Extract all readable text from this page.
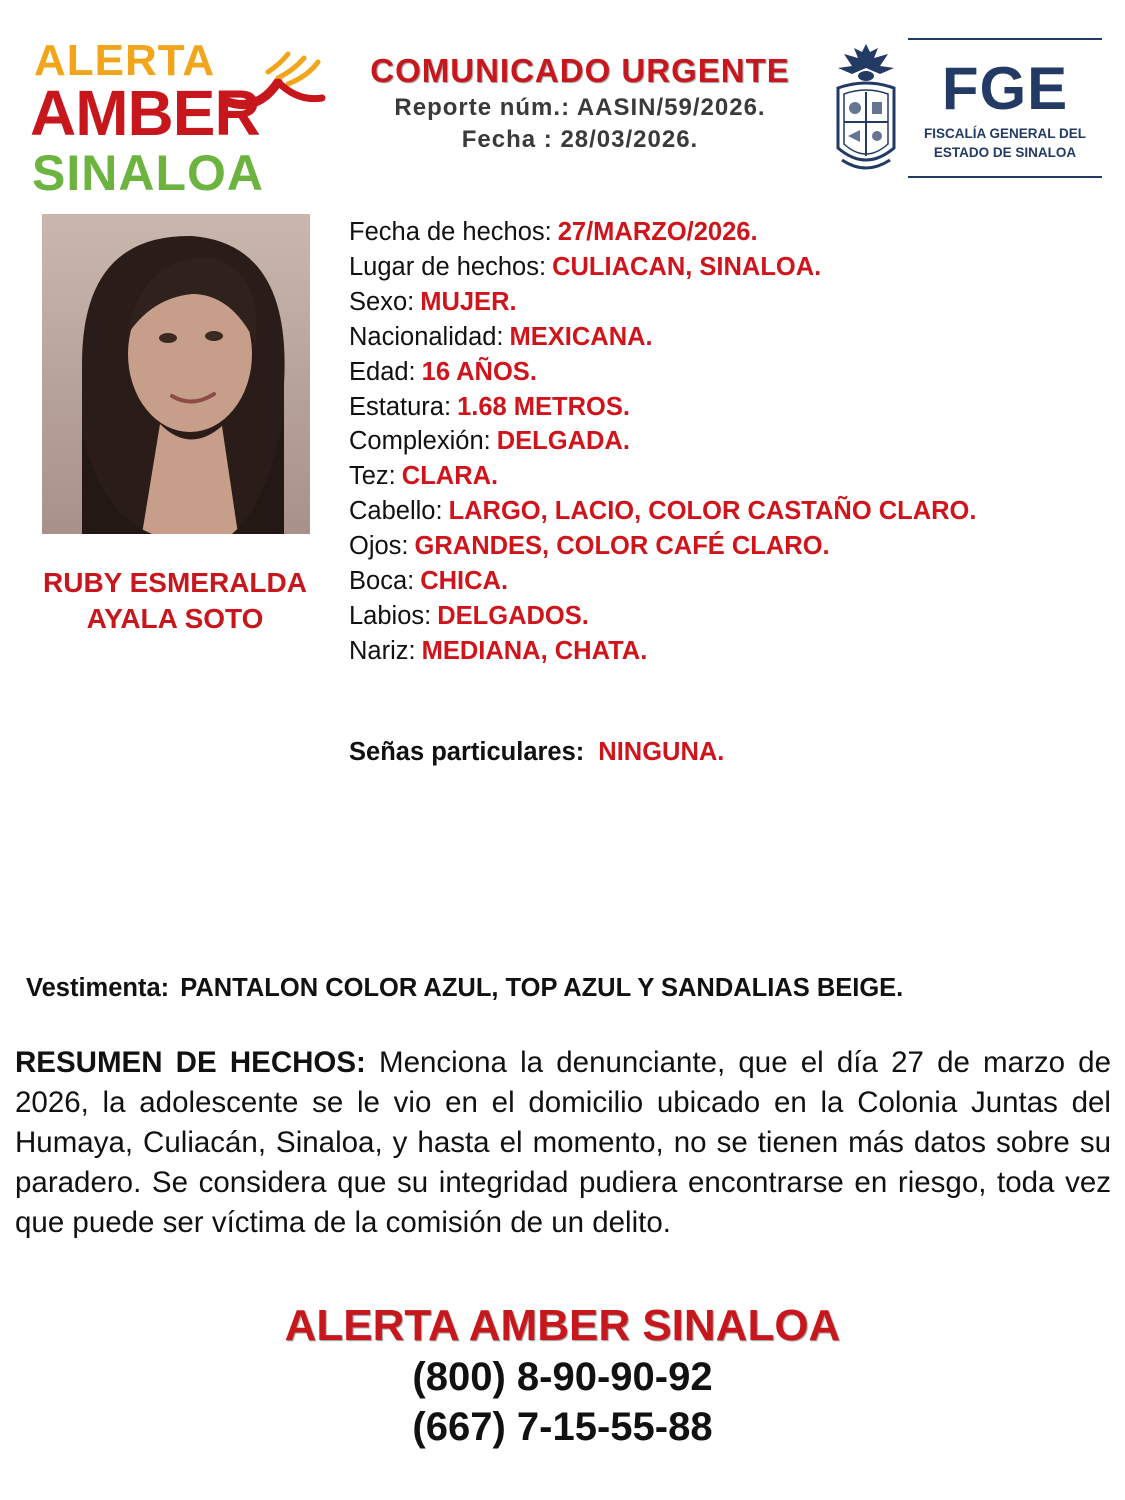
ALERTA
AMBER
SINALOA
COMUNICADO URGENTE
Reporte núm.: AASIN/59/2026.
Fecha : 28/03/2026.
FGE
FISCALÍA GENERAL DEL
ESTADO DE SINALOA
RUBY ESMERALDA
AYALA SOTO
Fecha de hechos: 27/MARZO/2026.
Lugar de hechos: CULIACAN, SINALOA.
Sexo: MUJER.
Nacionalidad: MEXICANA.
Edad: 16 AÑOS.
Estatura: 1.68 METROS.
Complexión: DELGADA.
Tez: CLARA.
Cabello: LARGO, LACIO, COLOR CASTAÑO CLARO.
Ojos: GRANDES, COLOR CAFÉ CLARO.
Boca: CHICA.
Labios: DELGADOS.
Nariz: MEDIANA, CHATA.
Señas particulares: NINGUNA.
Vestimenta: PANTALON COLOR AZUL, TOP AZUL Y SANDALIAS BEIGE.
RESUMEN DE HECHOS: Menciona la denunciante, que el día 27 de marzo de 2026, la adolescente se le vio en el domicilio ubicado en la Colonia Juntas del Humaya, Culiacán, Sinaloa, y hasta el momento, no se tienen más datos sobre su paradero. Se considera que su integridad pudiera encontrarse en riesgo, toda vez que puede ser víctima de la comisión de un delito.
ALERTA AMBER SINALOA
(800) 8-90-90-92
(667) 7-15-55-88
